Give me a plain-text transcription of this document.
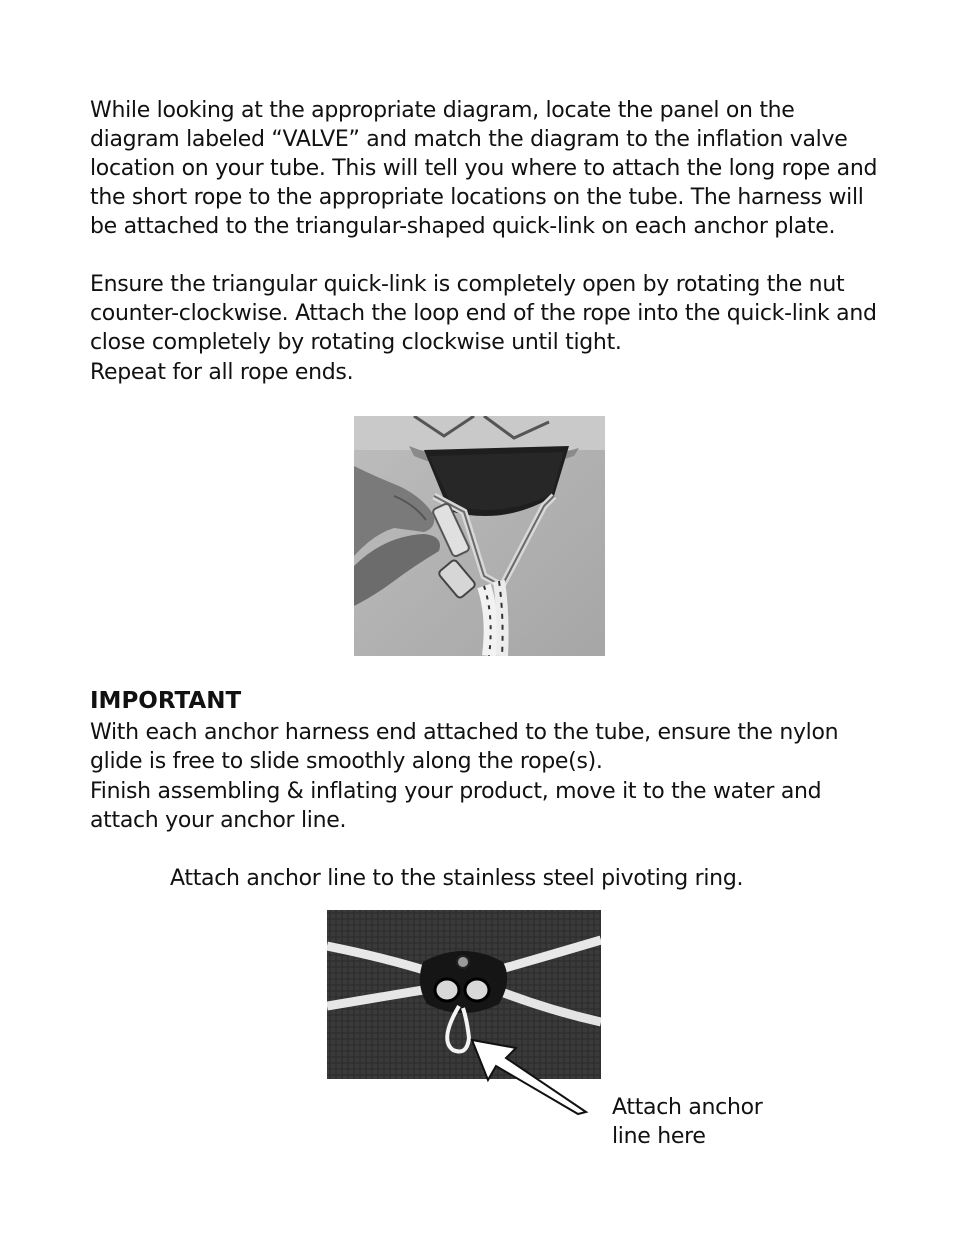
While looking at the appropriate diagram, locate the panel on the diagram labeled “VALVE” and match the diagram to the inflation valve location on your tube. This will tell you where to attach the long rope and the short rope to the appropriate locations on the tube. The harness will be attached to the triangular-shaped quick-link on each anchor plate.

Ensure the triangular quick-link is completely open by rotating the nut counter-clockwise. Attach the loop end of the rope into the quick-link and close completely by rotating clockwise until tight.

Repeat for all rope ends.

IMPORTANT

With each anchor harness end attached to the tube, ensure the nylon glide is free to slide smoothly along the rope(s).

Finish assembling & inflating your product, move it to the water and attach your anchor line.

Attach anchor line to the stainless steel pivoting ring.

Attach anchor
line here
